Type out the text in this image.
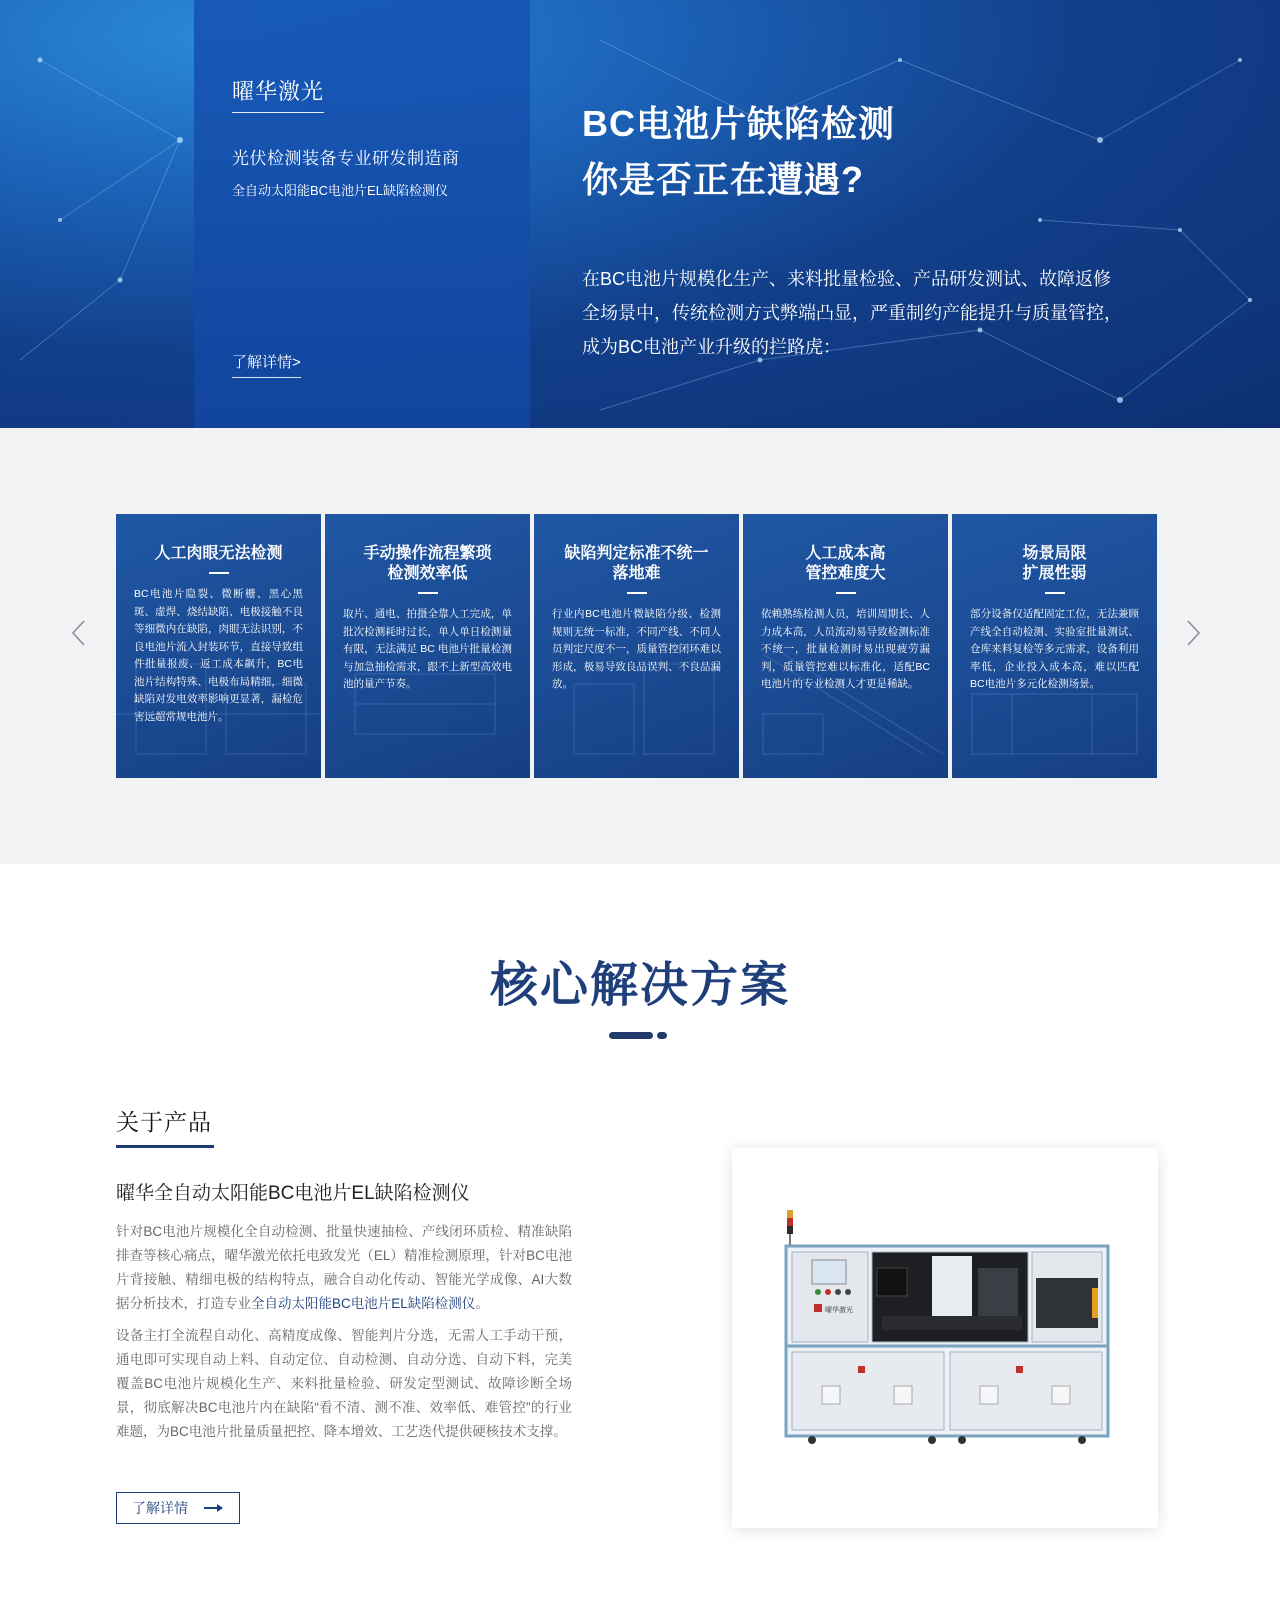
曜华激光
光伏检测装备专业研发制造商
全自动太阳能BC电池片EL缺陷检测仪
了解详情>
BC电池片缺陷检测
你是否正在遭遇?
在BC电池片规模化生产、来料批量检验、产品研发测试、故障返修
全场景中，传统检测方式弊端凸显，严重制约产能提升与质量管控，
成为BC电池产业升级的拦路虎：
人工肉眼无法检测
BC电池片隐裂、微断栅、黑心黑斑、虚焊、烧结缺陷、电极接触不良等细微内在缺陷，肉眼无法识别，不良电池片流入封装环节，直接导致组件批量报废、返工成本飙升，BC电池片结构特殊、电极布局精细，细微缺陷对发电效率影响更显著，漏检危害远超常规电池片。
手动操作流程繁琐
检测效率低
取片、通电、拍摄全靠人工完成，单批次检测耗时过长，单人单日检测量有限，无法满足 BC 电池片批量检测与加急抽检需求，跟不上新型高效电池的量产节奏。
缺陷判定标准不统一
落地难
行业内BC电池片微缺陷分级、检测规则无统一标准，不同产线、不同人员判定尺度不一，质量管控闭环难以形成，极易导致良品误判、不良品漏放。
人工成本高
管控难度大
依赖熟练检测人员，培训周期长、人力成本高，人员流动易导致检测标准不统一，批量检测时易出现疲劳漏判，质量管控难以标准化，适配BC电池片的专业检测人才更是稀缺。
场景局限
扩展性弱
部分设备仅适配固定工位，无法兼顾产线全自动检测、实验室批量测试、仓库来料复检等多元需求，设备利用率低，企业投入成本高，难以匹配BC电池片多元化检测场景。
核心解决方案
关于产品
曜华全自动太阳能BC电池片EL缺陷检测仪

针对BC电池片规模化全自动检测、批量快速抽检、产线闭环质检、精准缺陷排查等核心痛点，曜华激光依托电致发光（EL）精准检测原理，针对BC电池片背接触、精细电极的结构特点，融合自动化传动、智能光学成像、AI大数据分析技术，打造专业全自动太阳能BC电池片EL缺陷检测仪。

设备主打全流程自动化、高精度成像、智能判片分选，无需人工手动干预，通电即可实现自动上料、自动定位、自动检测、自动分选、自动下料，完美覆盖BC电池片规模化生产、来料批量检验、研发定型测试、故障诊断全场景，彻底解决BC电池片内在缺陷“看不清、测不准、效率低、难管控”的行业难题，为BC电池片批量质量把控、降本增效、工艺迭代提供硬核技术支撑。

了解详情
曜华激光
